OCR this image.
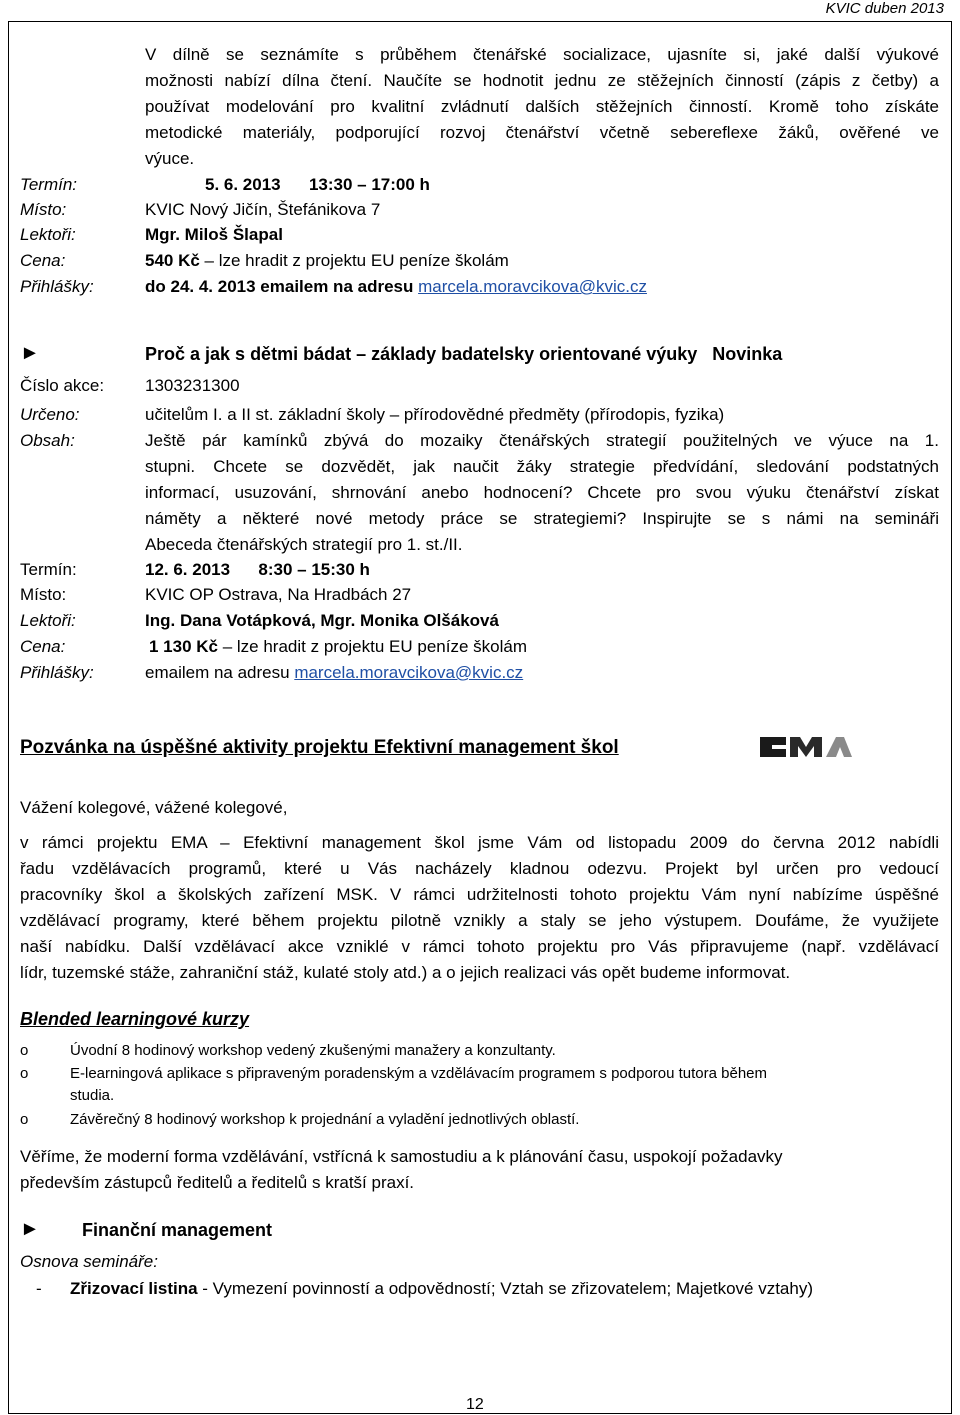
KVIC duben 2013
V dílně se seznámíte s průběhem čtenářské socializace, ujasníte si, jaké další výukové
možnosti nabízí dílna čtení. Naučíte se hodnotit jednu ze stěžejních činností (zápis z četby) a
používat modelování pro kvalitní zvládnutí dalších stěžejních činností. Kromě toho získáte
metodické materiály, podporující rozvoj čtenářství včetně sebereflexe žáků, ověřené ve
výuce.
Termín:	5. 6. 2013      13:30 – 17:00 h
Místo:	KVIC Nový Jičín, Štefánikova 7
Lektoři:	Mgr. Miloš Šlapal
Cena:	540 Kč – lze hradit z projektu EU peníze školám
Přihlášky:	do 24. 4. 2013 emailem na adresu marcela.moravcikova@kvic.cz
►	Proč a jak s dětmi bádat – základy badatelsky orientované výuky   Novinka
Číslo akce: 1303231300
Určeno:	učitelům I. a II st. základní školy – přírodovědné předměty (přírodopis, fyzika)
Obsah:	Ještě pár kamínků zbývá do mozaiky čtenářských strategií použitelných ve výuce na 1.
stupni. Chcete se dozvědět, jak naučit žáky strategie předvídání, sledování podstatných
informací, usuzování, shrnování anebo hodnocení? Chcete pro svou výuku čtenářství získat
náměty a některé nové metody práce se strategiemi? Inspirujte se s námi na semináři
Abeceda čtenářských strategií pro 1. st./II.
Termín:	12. 6. 2013      8:30 – 15:30 h
Místo:	KVIC OP Ostrava, Na Hradbách 27
Lektoři:	Ing. Dana Votápková, Mgr. Monika Olšáková
Cena:	1 130 Kč – lze hradit z projektu EU peníze školám
Přihlášky:	emailem na adresu marcela.moravcikova@kvic.cz
Pozvánka na úspěšné aktivity projektu Efektivní management škol
Vážení kolegové, vážené kolegové,
v rámci projektu EMA – Efektivní management škol jsme Vám od listopadu 2009 do června 2012 nabídli
řadu vzdělávacích programů, které u Vás nacházely kladnou odezvu. Projekt byl určen pro vedoucí
pracovníky škol a školských zařízení MSK. V rámci udržitelnosti tohoto projektu Vám nyní nabízíme úspěšné
vzdělávací programy, které během projektu pilotně vznikly a staly se jeho výstupem. Doufáme, že využijete
naší nabídku. Další vzdělávací akce vzniklé v rámci tohoto projektu pro Vás připravujeme (např. vzdělávací
lídr, tuzemské stáže, zahraniční stáž, kulaté stoly atd.) a o jejich realizaci vás opět budeme informovat.
Blended learningové kurzy
o	Úvodní 8 hodinový workshop vedený zkušenými manažery a konzultanty.
o	E-learningová aplikace s připraveným poradenským a vzdělávacím programem s podporou tutora během
studia.
o	Závěrečný 8 hodinový workshop k projednání a vyladění jednotlivých oblastí.
Věříme, že moderní forma vzdělávání, vstřícná k samostudiu a k plánování času, uspokojí požadavky
především zástupců ředitelů a ředitelů s kratší praxí.
► Finanční management
Osnova semináře:
- Zřizovací listina - Vymezení povinností a odpovědností; Vztah se zřizovatelem; Majetkové vztahy)
12
